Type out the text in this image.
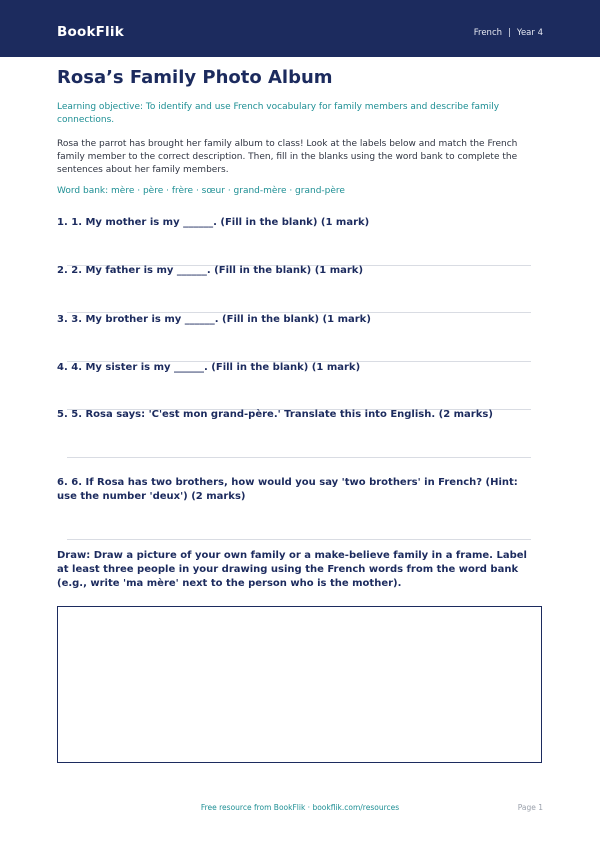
BookFlik	French | Year 4
Rosa’s Family Photo Album
Learning objective: To identify and use French vocabulary for family members and describe family connections.
Rosa the parrot has brought her family album to class! Look at the labels below and match the French family member to the correct description. Then, fill in the blanks using the word bank to complete the sentences about her family members.
Word bank: mère · père · frère · sœur · grand-mère · grand-père
1. 1. My mother is my ______. (Fill in the blank) (1 mark)
2. 2. My father is my ______. (Fill in the blank) (1 mark)
3. 3. My brother is my ______. (Fill in the blank) (1 mark)
4. 4. My sister is my ______. (Fill in the blank) (1 mark)
5. 5. Rosa says: 'C'est mon grand-père.' Translate this into English. (2 marks)
6. 6. If Rosa has two brothers, how would you say 'two brothers' in French? (Hint: use the number 'deux') (2 marks)
Draw: Draw a picture of your own family or a make-believe family in a frame. Label at least three people in your drawing using the French words from the word bank (e.g., write 'ma mère' next to the person who is the mother).
Free resource from BookFlik · bookflik.com/resources	Page 1
